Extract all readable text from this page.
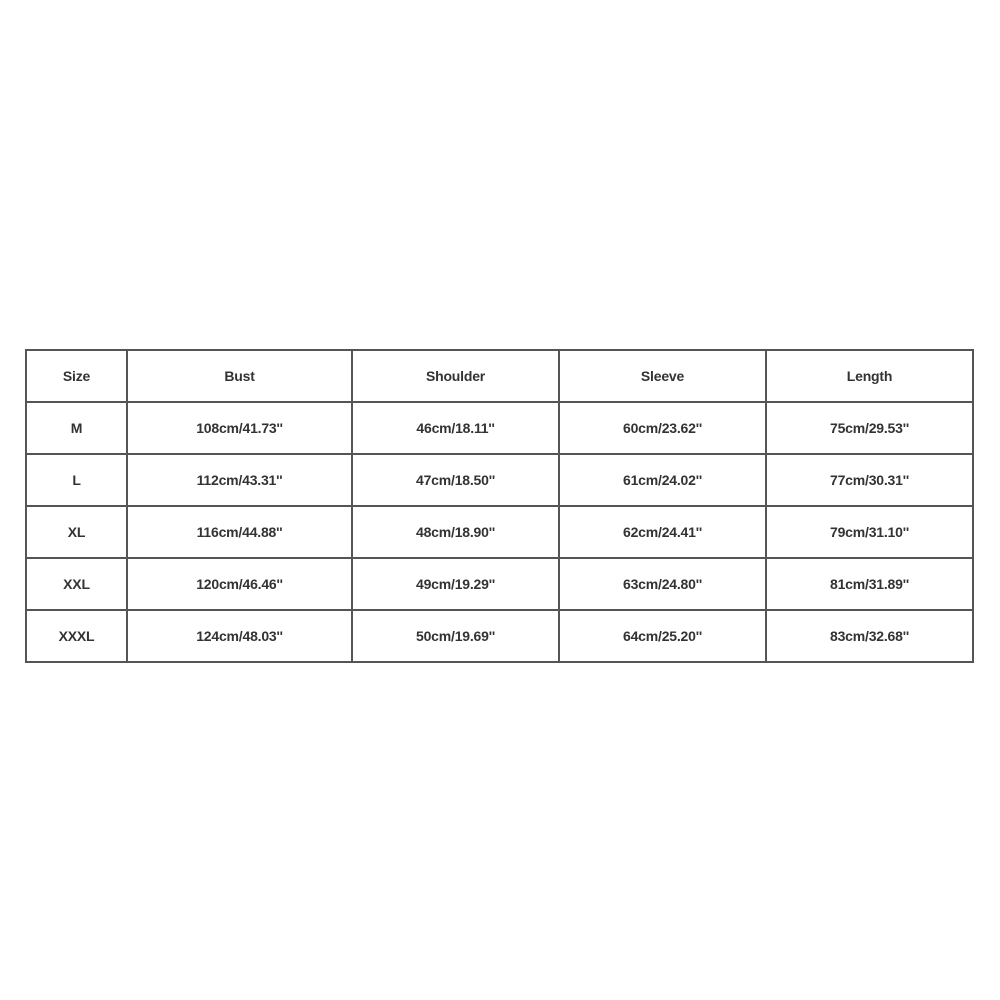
Size	Bust	Shoulder	Sleeve	Length
M	108cm/41.73''	46cm/18.11''	60cm/23.62''	75cm/29.53''
L	112cm/43.31''	47cm/18.50''	61cm/24.02''	77cm/30.31''
XL	116cm/44.88''	48cm/18.90''	62cm/24.41''	79cm/31.10''
XXL	120cm/46.46''	49cm/19.29''	63cm/24.80''	81cm/31.89''
XXXL	124cm/48.03''	50cm/19.69''	64cm/25.20''	83cm/32.68''
